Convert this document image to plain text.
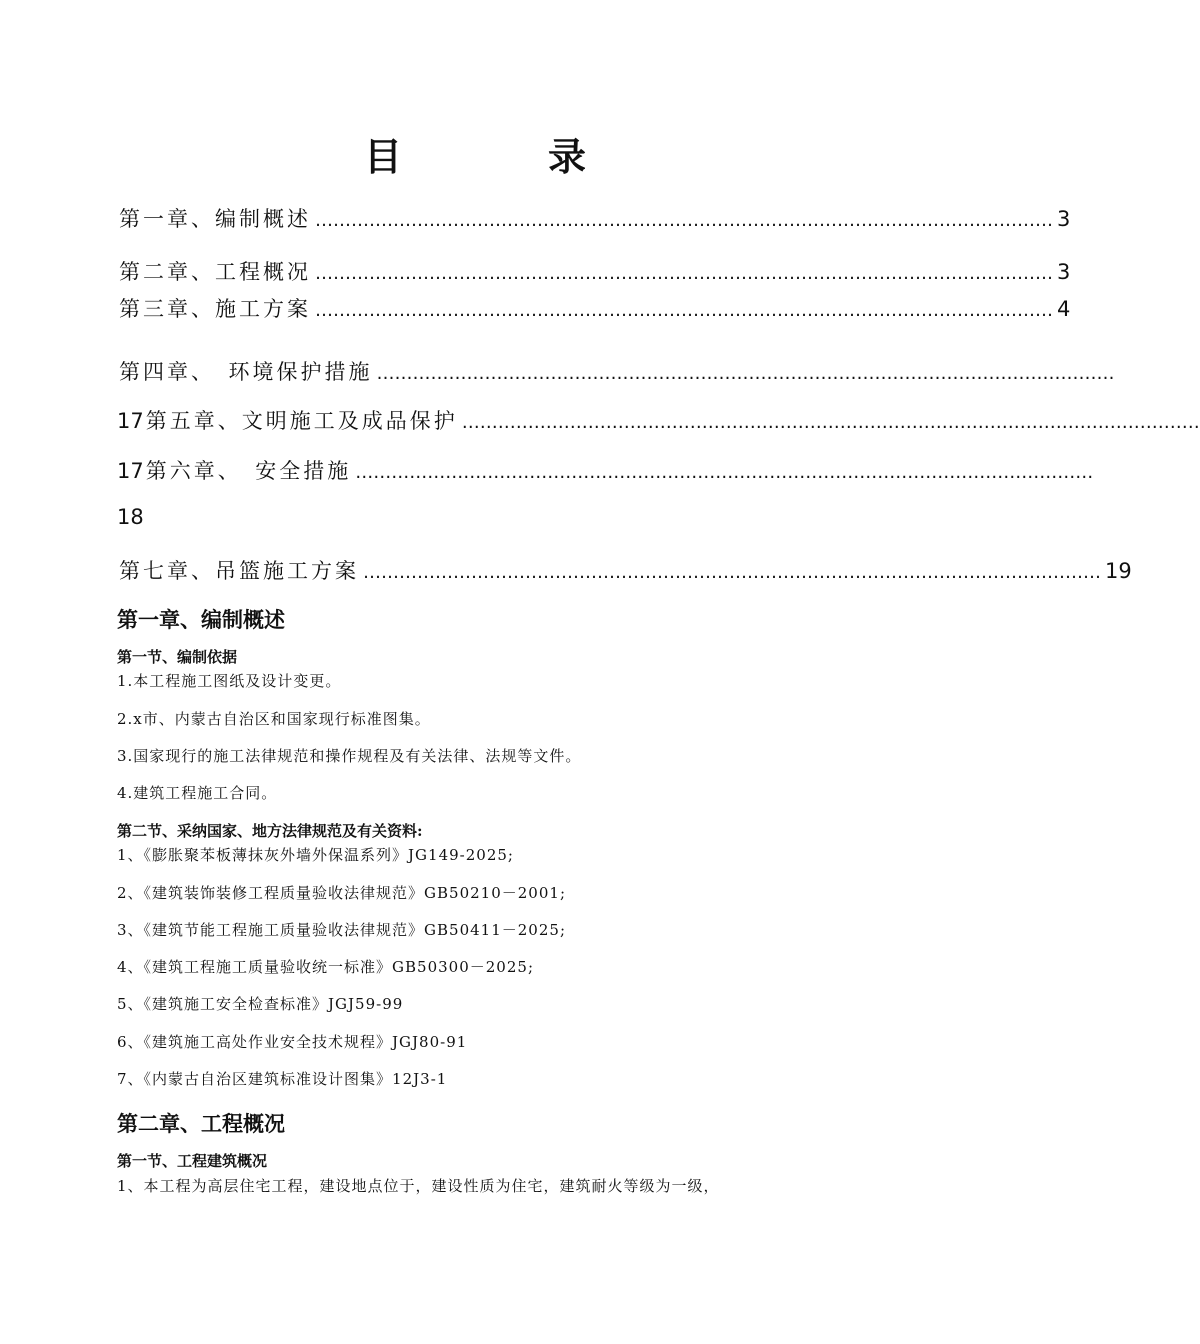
目　录
第一章、编制概述 …………………………………………………………………………………………………………… 3
第二章、工程概况 …………………………………………………………………………………………………………… 3
第三章、施工方案 …………………………………………………………………………………………………………… 4
第四章、　环境保护措施 ……………………………………………………………………………………………………………
17 第五章、文明施工及成品保护 ……………………………………………………………………………………………………………
17 第六章、　安全措施 ……………………………………………………………………………………………………………
18
第七章、吊篮施工方案 …………………………………………………………………………………………………………… 19
第一章、编制概述
第一节、编制依据
1.本工程施工图纸及设计变更。
2.x市、内蒙古自治区和国家现行标准图集。
3.国家现行的施工法律规范和操作规程及有关法律、法规等文件。
4.建筑工程施工合同。
第二节、采纳国家、地方法律规范及有关资料:
1、《膨胀聚苯板薄抹灰外墙外保温系列》JG149-2025;
2、《建筑装饰装修工程质量验收法律规范》GB50210－2001;
3、《建筑节能工程施工质量验收法律规范》GB50411－2025;
4、《建筑工程施工质量验收统一标准》GB50300－2025;
5、《建筑施工安全检查标准》JGJ59-99
6、《建筑施工高处作业安全技术规程》JGJ80-91
7、《内蒙古自治区建筑标准设计图集》12J3-1
第二章、工程概况
第一节、工程建筑概况
1、本工程为高层住宅工程，建设地点位于，建设性质为住宅，建筑耐火等级为一级，
